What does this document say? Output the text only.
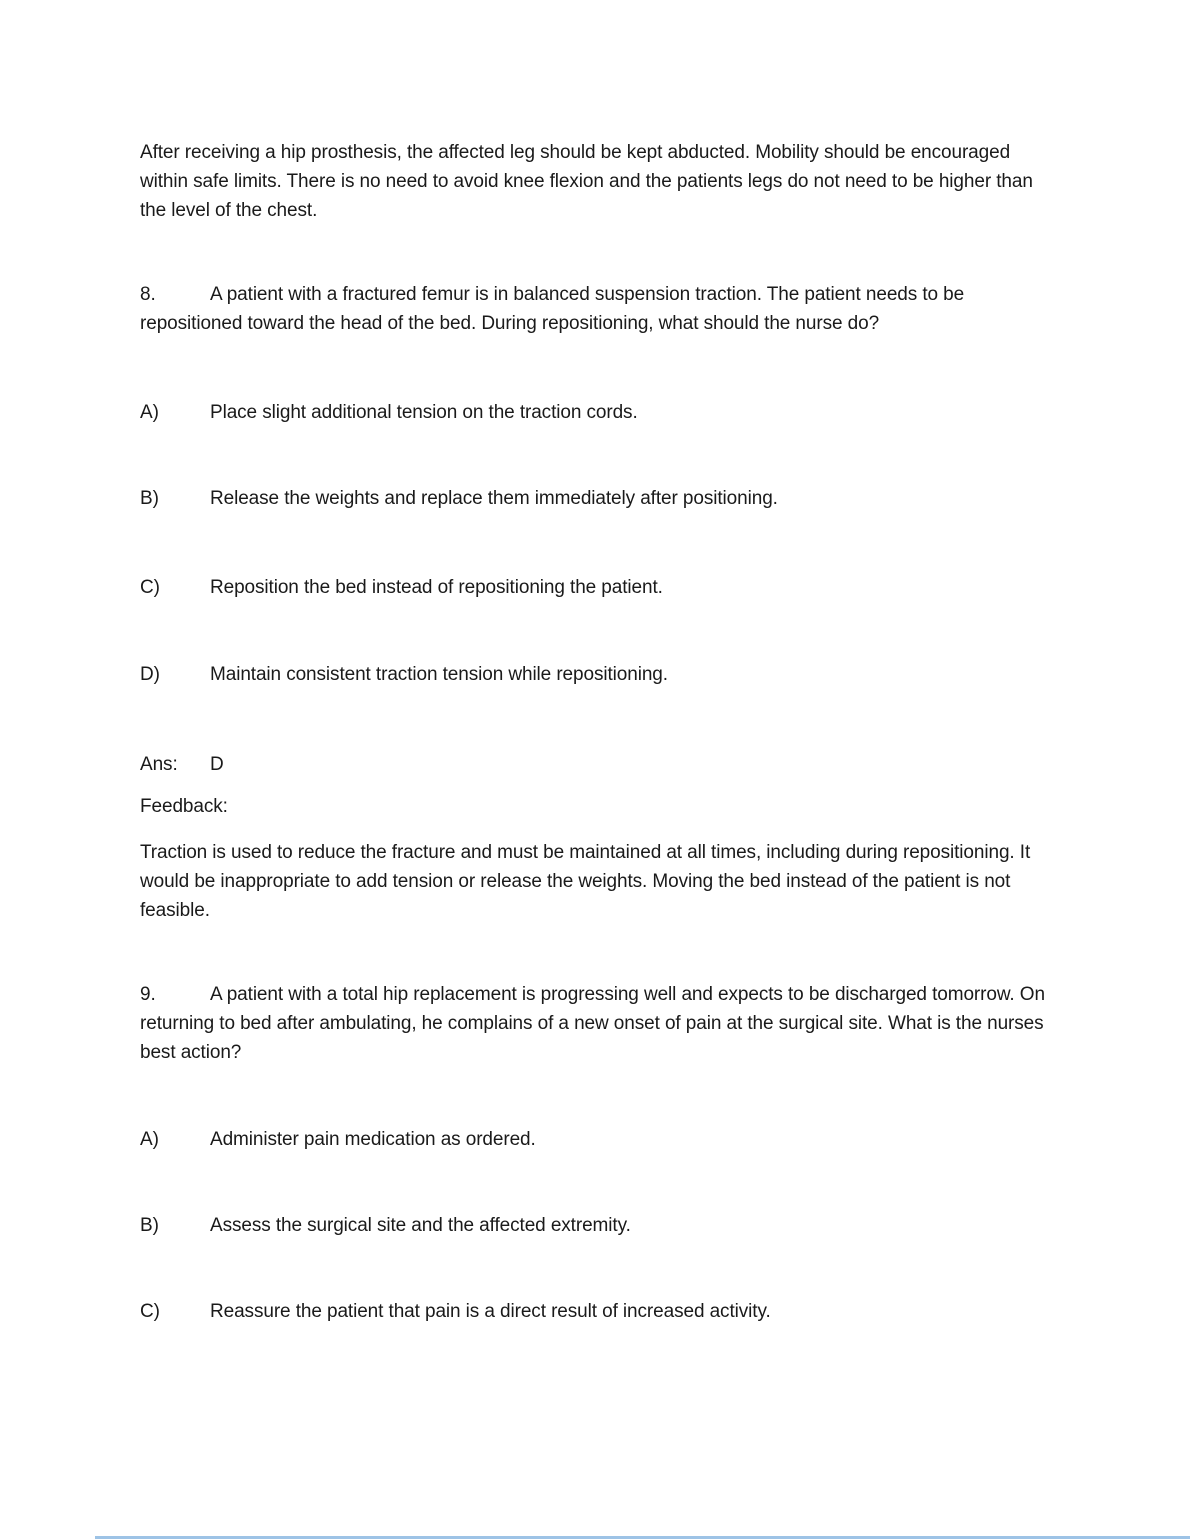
After receiving a hip prosthesis, the affected leg should be kept abducted. Mobility should be encouraged within safe limits. There is no need to avoid knee flexion and the patients legs do not need to be higher than the level of the chest.

8.	A patient with a fractured femur is in balanced suspension traction. The patient needs to be repositioned toward the head of the bed. During repositioning, what should the nurse do?

A)	Place slight additional tension on the traction cords.

B)	Release the weights and replace them immediately after positioning.

C)	Reposition the bed instead of repositioning the patient.

D)	Maintain consistent traction tension while repositioning.

Ans: D

Feedback:

Traction is used to reduce the fracture and must be maintained at all times, including during repositioning. It would be inappropriate to add tension or release the weights. Moving the bed instead of the patient is not feasible.

9.	A patient with a total hip replacement is progressing well and expects to be discharged tomorrow. On returning to bed after ambulating, he complains of a new onset of pain at the surgical site. What is the nurses best action?

A)	Administer pain medication as ordered.

B)	Assess the surgical site and the affected extremity.

C)	Reassure the patient that pain is a direct result of increased activity.
